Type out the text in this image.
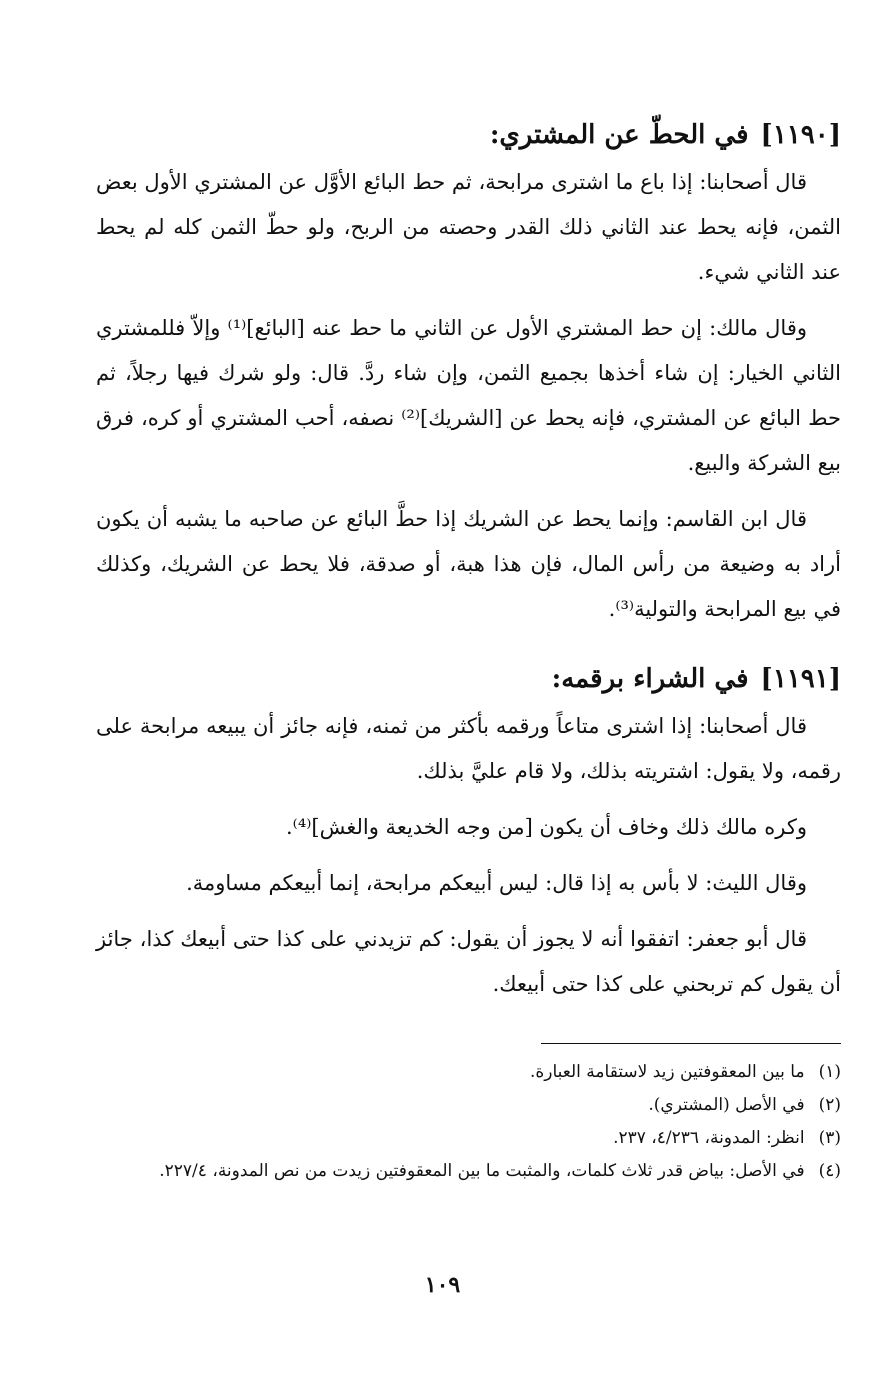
[١١٩٠]في الحطّ عن المشتري:

قال أصحابنا: إذا باع ما اشترى مرابحة، ثم حط البائع الأوَّل عن المشتري الأول بعض الثمن، فإنه يحط عند الثاني ذلك القدر وحصته من الربح، ولو حطّ الثمن كله لم يحط عند الثاني شيء.

وقال مالك: إن حط المشتري الأول عن الثاني ما حط عنه [البائع]⁽¹⁾ وإلاّ فللمشتري الثاني الخيار: إن شاء أخذها بجميع الثمن، وإن شاء ردَّ. قال: ولو شرك فيها رجلاً، ثم حط البائع عن المشتري، فإنه يحط عن [الشريك]⁽²⁾ نصفه، أحب المشتري أو كره، فرق بيع الشركة والبيع.

قال ابن القاسم: وإنما يحط عن الشريك إذا حطَّ البائع عن صاحبه ما يشبه أن يكون أراد به وضيعة من رأس المال، فإن هذا هبة، أو صدقة، فلا يحط عن الشريك، وكذلك في بيع المرابحة والتولية⁽³⁾.

[١١٩١]في الشراء برقمه:

قال أصحابنا: إذا اشترى متاعاً ورقمه بأكثر من ثمنه، فإنه جائز أن يبيعه مرابحة على رقمه، ولا يقول: اشتريته بذلك، ولا قام عليَّ بذلك.

وكره مالك ذلك وخاف أن يكون [من وجه الخديعة والغش]⁽⁴⁾.

وقال الليث: لا بأس به إذا قال: ليس أبيعكم مرابحة، إنما أبيعكم مساومة.

قال أبو جعفر: اتفقوا أنه لا يجوز أن يقول: كم تزيدني على كذا حتى أبيعك كذا، جائز أن يقول كم تربحني على كذا حتى أبيعك.

(١)
ما بين المعقوفتين زيد لاستقامة العبارة.
(٢)
في الأصل (المشتري).
(٣)
انظر: المدونة، ٤/٢٣٦، ٢٣٧.
(٤)
في الأصل: بياض قدر ثلاث كلمات، والمثبت ما بين المعقوفتين زيدت من نص المدونة، ٢٢٧/٤.
١٠٩
